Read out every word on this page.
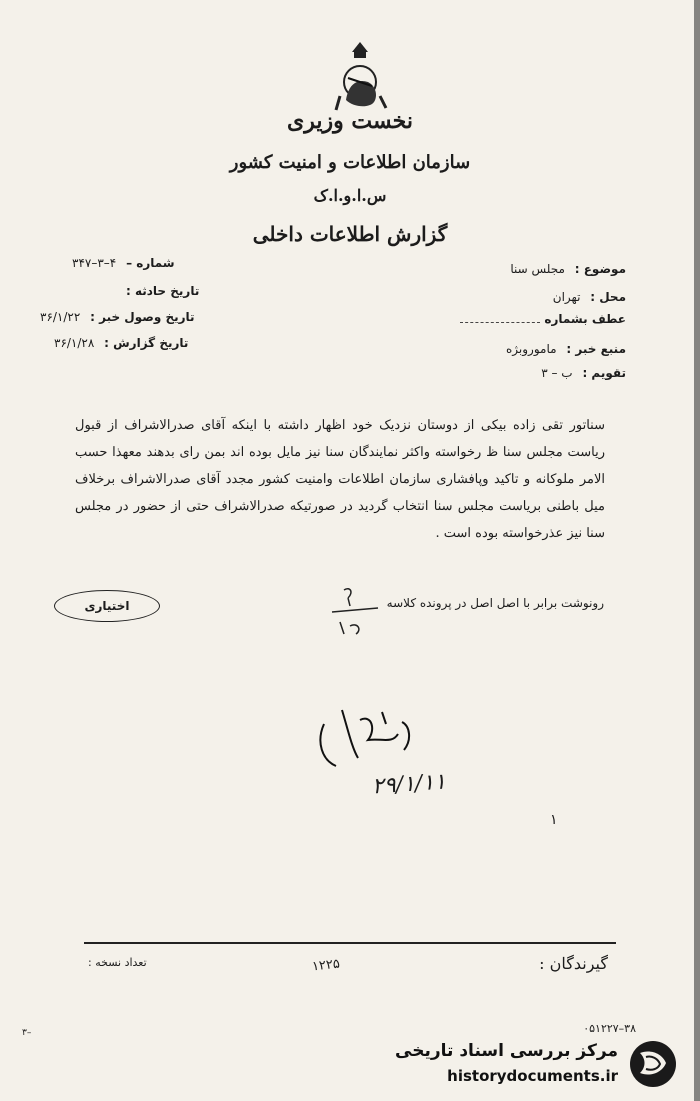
نخست وزیری
سازمان اطلاعات و امنیت کشور
س.ا.و.ا.ک
گزارش اطلاعات داخلی
موضوع : مجلس سنا
محل : تهران
عطف بشماره
منبع خبر : ماموروبژه
تقویم : ب – ۳
شماره – ۴–۳–۳۴۷
تاریخ حادثه :
تاریخ وصول خبر : ۳۶/۱/۲۲
تاریخ گزارش : ۳۶/۱/۲۸

سناتور تقی زاده بیکی از دوستان نزدیک خود اظهار داشته با اینکه آقای صدرالاشراف از قبول ریاست مجلس سنا ظ رخواسته واکثر نمایندگان سنا نیز مایل بوده اند بمن رای بدهند معهذا حسب الامر ملوکانه و تاکید وپافشاری سازمان اطلاعات وامنیت کشور مجدد آقای صدرالاشراف برخلاف میل باطنی بریاست مجلس سنا انتخاب گردید در صورتیکه صدرالاشراف حتی از حضور در مجلس سنا نیز عذرخواسته بوده است .

رونوشت برابر با اصل اصل در پرونده کلاسه
اختیاری
۲۹/۱/۱۱
۱
گیرندگان :
تعداد نسخه :	۱۲۲۵
۳۸–۰۵۱۲۲۷
۳–
مرکز بررسی اسناد تاریخی
historydocuments.ir
